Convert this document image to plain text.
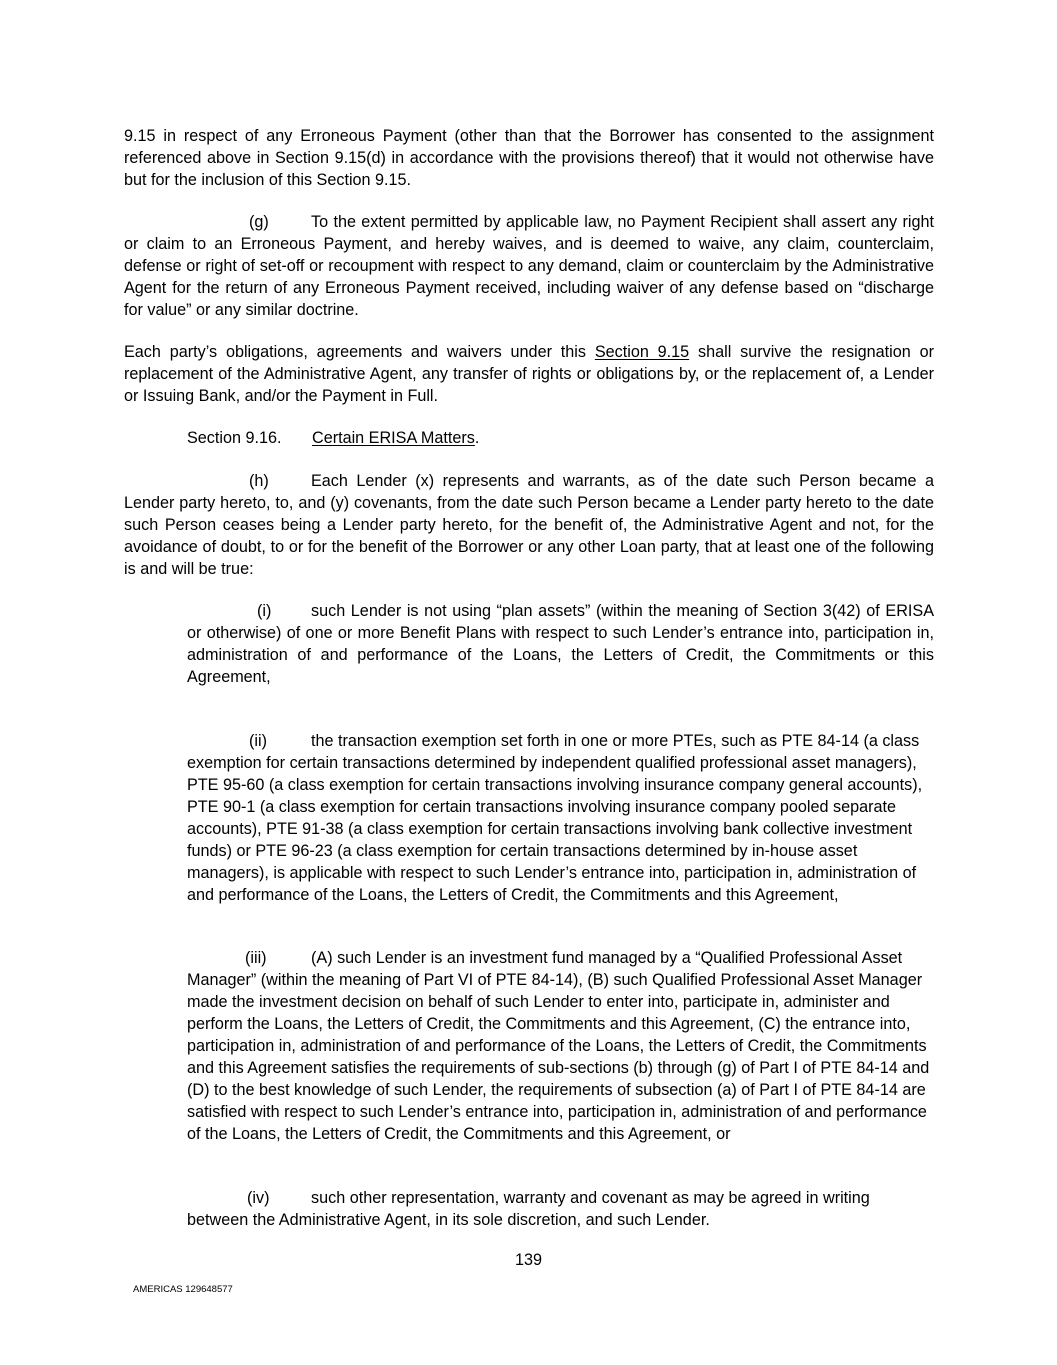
9.15 in respect of any Erroneous Payment (other than that the Borrower has consented to the assignment referenced above in Section 9.15(d) in accordance with the provisions thereof) that it would not otherwise have but for the inclusion of this Section 9.15.

(g)	To the extent permitted by applicable law, no Payment Recipient shall assert any right or claim to an Erroneous Payment, and hereby waives, and is deemed to waive, any claim, counterclaim, defense or right of set-off or recoupment with respect to any demand, claim or counterclaim by the Administrative Agent for the return of any Erroneous Payment received, including waiver of any defense based on “discharge for value” or any similar doctrine.

Each party’s obligations, agreements and waivers under this Section 9.15 shall survive the resignation or replacement of the Administrative Agent, any transfer of rights or obligations by, or the replacement of, a Lender or Issuing Bank, and/or the Payment in Full.

Section 9.16. Certain ERISA Matters.

(h)	Each Lender (x) represents and warrants, as of the date such Person became a Lender party hereto, to, and (y) covenants, from the date such Person became a Lender party hereto to the date such Person ceases being a Lender party hereto, for the benefit of, the Administrative Agent and not, for the avoidance of doubt, to or for the benefit of the Borrower or any other Loan party, that at least one of the following is and will be true:

(i) such Lender is not using “plan assets” (within the meaning of Section 3(42) of ERISA or otherwise) of one or more Benefit Plans with respect to such Lender’s entrance into, participation in, administration of and performance of the Loans, the Letters of Credit, the Commitments or this Agreement,

(ii)	the transaction exemption set forth in one or more PTEs, such as PTE 84-14 (a class exemption for certain transactions determined by independent qualified professional asset managers), PTE 95-60 (a class exemption for certain transactions involving insurance company general accounts), PTE 90-1 (a class exemption for certain transactions involving insurance company pooled separate accounts), PTE 91-38 (a class exemption for certain transactions involving bank collective investment funds) or PTE 96-23 (a class exemption for certain transactions determined by in-house asset managers), is applicable with respect to such Lender’s entrance into, participation in, administration of and performance of the Loans, the Letters of Credit, the Commitments and this Agreement,

(iii)	(A) such Lender is an investment fund managed by a “Qualified Professional Asset Manager” (within the meaning of Part VI of PTE 84-14), (B) such Qualified Professional Asset Manager made the investment decision on behalf of such Lender to enter into, participate in, administer and perform the Loans, the Letters of Credit, the Commitments and this Agreement, (C) the entrance into, participation in, administration of and performance of the Loans, the Letters of Credit, the Commitments and this Agreement satisfies the requirements of sub-sections (b) through (g) of Part I of PTE 84-14 and (D) to the best knowledge of such Lender, the requirements of subsection (a) of Part I of PTE 84-14 are satisfied with respect to such Lender’s entrance into, participation in, administration of and performance of the Loans, the Letters of Credit, the Commitments and this Agreement, or

(iv)	such other representation, warranty and covenant as may be agreed in writing between the Administrative Agent, in its sole discretion, and such Lender.

139
AMERICAS 129648577
